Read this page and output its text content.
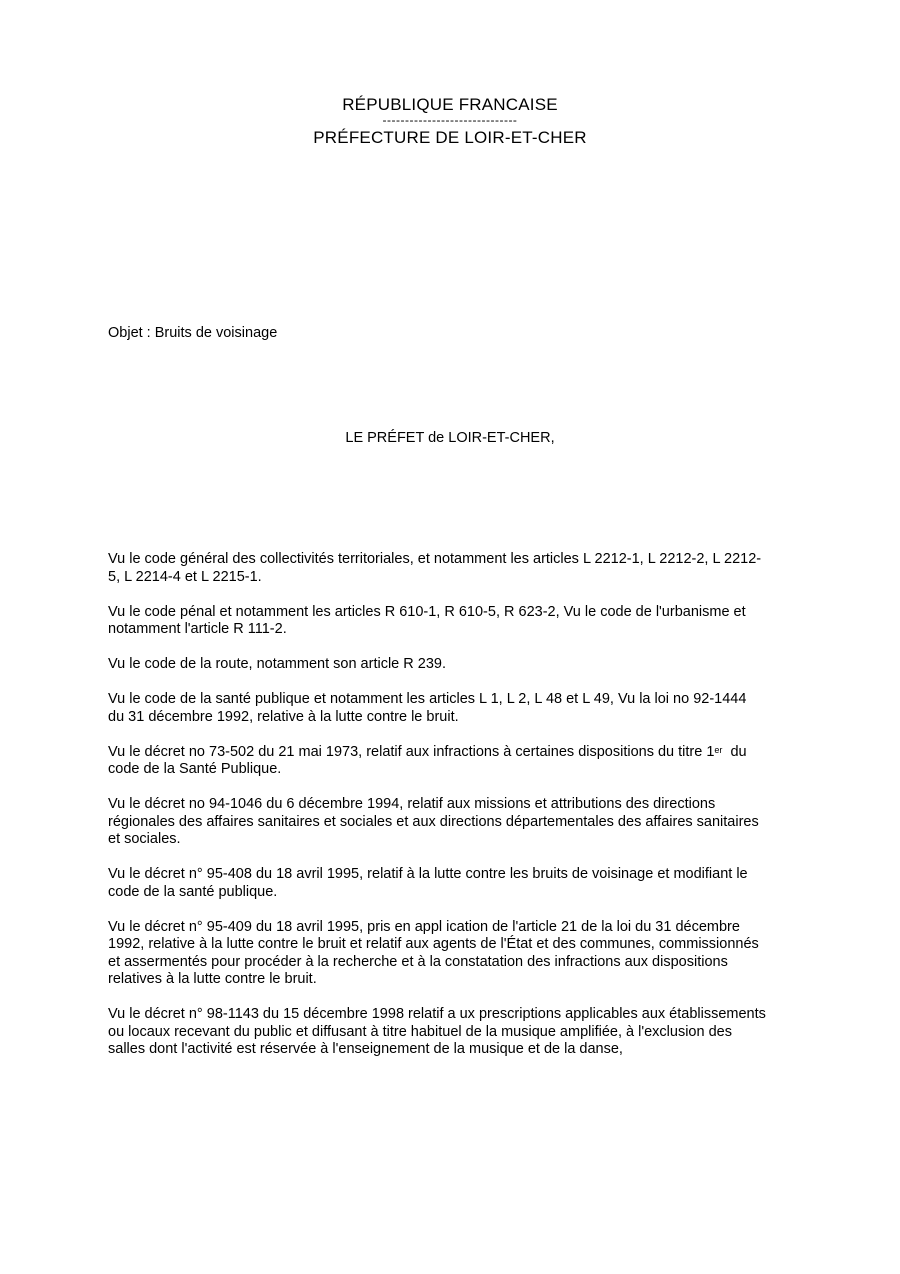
RÉPUBLIQUE FRANCAISE
------------------------------
PRÉFECTURE DE LOIR-ET-CHER
Objet : Bruits de voisinage
LE PRÉFET de LOIR-ET-CHER,

Vu le code général des collectivités territoriales, et notamment les articles L 2212-1, L 2212-2, L 2212-
5, L 2214-4 et L 2215-1.

Vu le code pénal et notamment les articles R 610-1, R 610-5, R 623-2, Vu le code de l'urbanisme et
notamment l'article R 111-2.

Vu le code de la route, notamment son article R 239.

Vu le code de la santé publique et notamment les articles L 1, L 2, L 48 et L 49, Vu la loi no 92-1444
du 31 décembre 1992, relative à la lutte contre le bruit.

Vu le décret no 73-502 du 21 mai 1973, relatif aux infractions à certaines dispositions du titre 1er  du
code de la Santé Publique.

Vu le décret no 94-1046 du 6 décembre 1994, relatif aux missions et attributions des directions
régionales des affaires sanitaires et sociales et aux directions départementales des affaires sanitaires
et sociales.

Vu le décret n° 95-408 du 18 avril 1995, relatif à la lutte contre les bruits de voisinage et modifiant le
code de la santé publique.

Vu le décret n° 95-409 du 18 avril 1995, pris en appl ication de l'article 21 de la loi du 31 décembre
1992, relative à la lutte contre le bruit et relatif aux agents de l'État et des communes, commissionnés
et assermentés pour procéder à la recherche et à la constatation des infractions aux dispositions
relatives à la lutte contre le bruit.

Vu le décret n° 98-1143 du 15 décembre 1998 relatif a ux prescriptions applicables aux établissements
ou locaux recevant du public et diffusant à titre habituel de la musique amplifiée, à l'exclusion des
salles dont l'activité est réservée à l'enseignement de la musique et de la danse,
